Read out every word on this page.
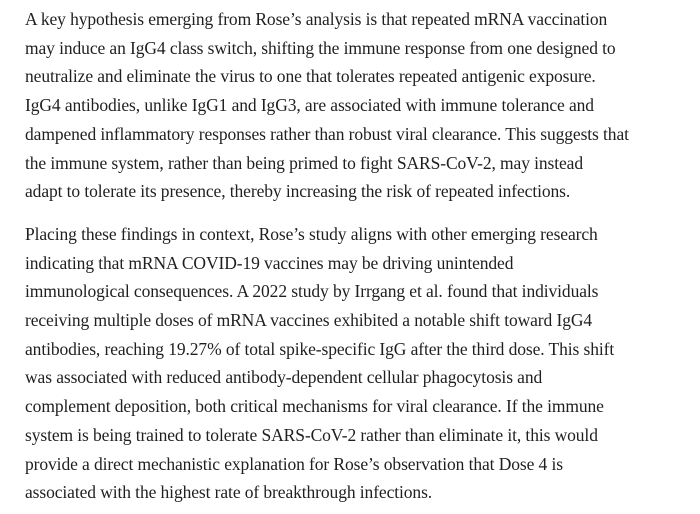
A key hypothesis emerging from Rose’s analysis is that repeated mRNA vaccination
may induce an IgG4 class switch, shifting the immune response from one designed to
neutralize and eliminate the virus to one that tolerates repeated antigenic exposure.
IgG4 antibodies, unlike IgG1 and IgG3, are associated with immune tolerance and
dampened inflammatory responses rather than robust viral clearance. This suggests that
the immune system, rather than being primed to fight SARS-CoV-2, may instead
adapt to tolerate its presence, thereby increasing the risk of repeated infections.
Placing these findings in context, Rose’s study aligns with other emerging research
indicating that mRNA COVID-19 vaccines may be driving unintended
immunological consequences. A 2022 study by Irrgang et al. found that individuals
receiving multiple doses of mRNA vaccines exhibited a notable shift toward IgG4
antibodies, reaching 19.27% of total spike-specific IgG after the third dose. This shift
was associated with reduced antibody-dependent cellular phagocytosis and
complement deposition, both critical mechanisms for viral clearance. If the immune
system is being trained to tolerate SARS-CoV-2 rather than eliminate it, this would
provide a direct mechanistic explanation for Rose’s observation that Dose 4 is
associated with the highest rate of breakthrough infections.
